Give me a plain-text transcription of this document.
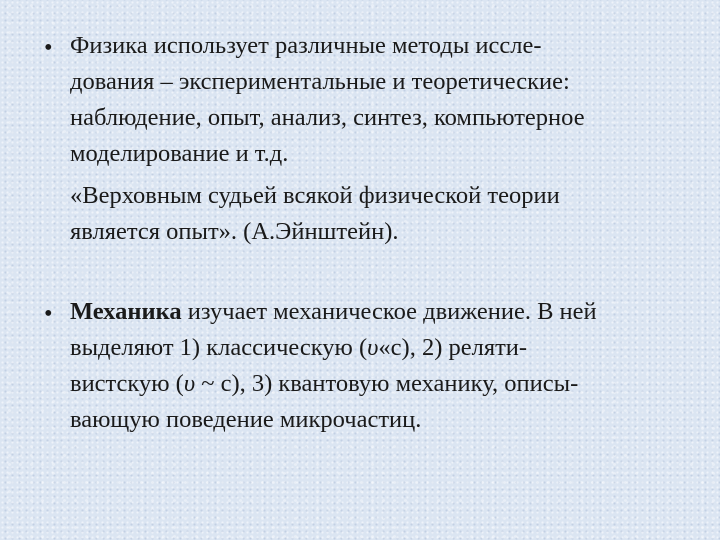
• Физика использует различные методы иссле-
дования – экспериментальные и теоретические:
наблюдение, опыт, анализ, синтез, компьютерное
моделирование и т.д.
«Верховным судьей всякой физической теории
является опыт». (А.Эйнштейн).
• Механика изучает механическое движение. В ней
выделяют 1) классическую (υ«c), 2) реляти-
вистскую (υ ~ c), 3) квантовую механику, описы-
вающую поведение микрочастиц.
